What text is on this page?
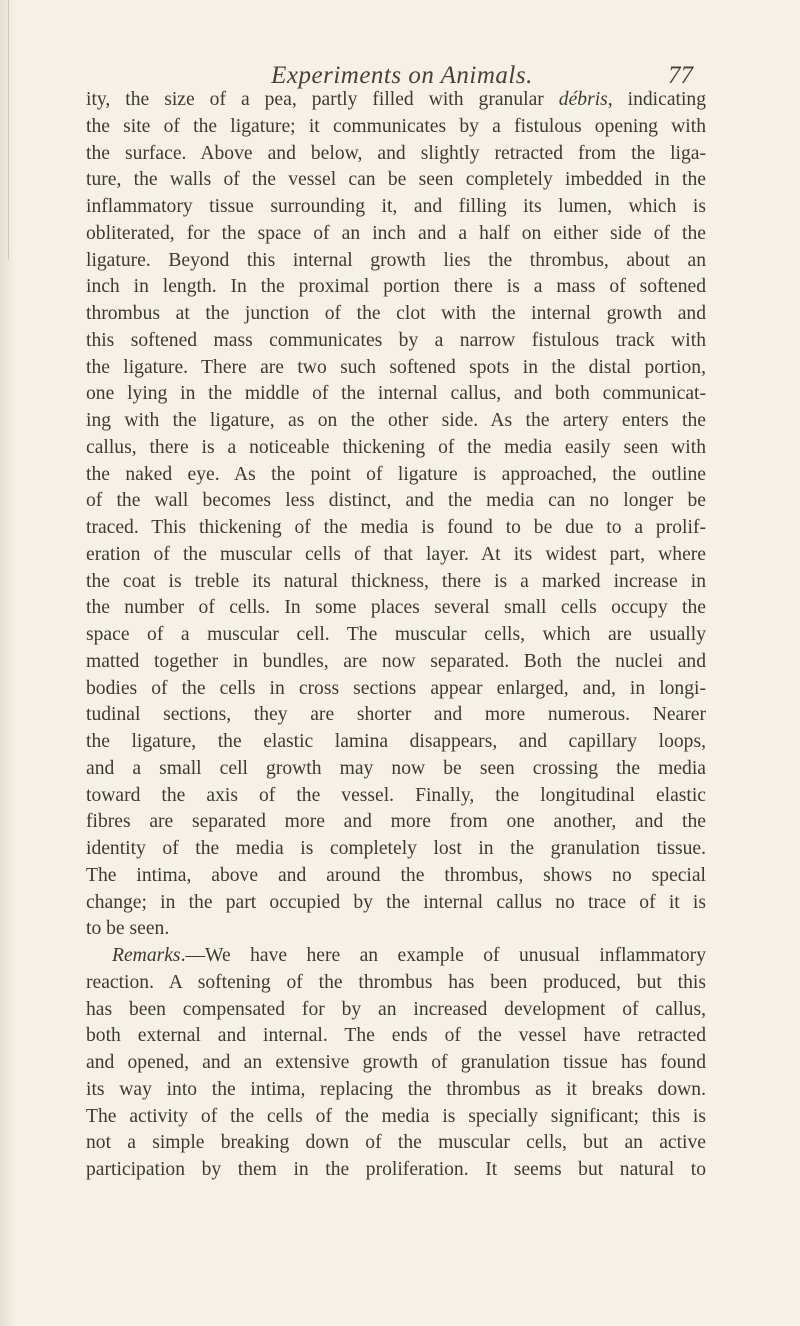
Experiments on Animals.	77
ity, the size of a pea, partly filled with granular débris, indicating
the site of the ligature; it communicates by a fistulous opening with
the surface. Above and below, and slightly retracted from the liga-
ture, the walls of the vessel can be seen completely imbedded in the
inflammatory tissue surrounding it, and filling its lumen, which is
obliterated, for the space of an inch and a half on either side of the
ligature. Beyond this internal growth lies the thrombus, about an
inch in length. In the proximal portion there is a mass of softened
thrombus at the junction of the clot with the internal growth and
this softened mass communicates by a narrow fistulous track with
the ligature. There are two such softened spots in the distal portion,
one lying in the middle of the internal callus, and both communicat-
ing with the ligature, as on the other side. As the artery enters the
callus, there is a noticeable thickening of the media easily seen with
the naked eye. As the point of ligature is approached, the outline
of the wall becomes less distinct, and the media can no longer be
traced. This thickening of the media is found to be due to a prolif-
eration of the muscular cells of that layer. At its widest part, where
the coat is treble its natural thickness, there is a marked increase in
the number of cells. In some places several small cells occupy the
space of a muscular cell. The muscular cells, which are usually
matted together in bundles, are now separated. Both the nuclei and
bodies of the cells in cross sections appear enlarged, and, in longi-
tudinal sections, they are shorter and more numerous. Nearer
the ligature, the elastic lamina disappears, and capillary loops,
and a small cell growth may now be seen crossing the media
toward the axis of the vessel. Finally, the longitudinal elastic
fibres are separated more and more from one another, and the
identity of the media is completely lost in the granulation tissue.
The intima, above and around the thrombus, shows no special
change; in the part occupied by the internal callus no trace of it is
to be seen.
Remarks.—We have here an example of unusual inflammatory
reaction. A softening of the thrombus has been produced, but this
has been compensated for by an increased development of callus,
both external and internal. The ends of the vessel have retracted
and opened, and an extensive growth of granulation tissue has found
its way into the intima, replacing the thrombus as it breaks down.
The activity of the cells of the media is specially significant; this is
not a simple breaking down of the muscular cells, but an active
participation by them in the proliferation. It seems but natural to
